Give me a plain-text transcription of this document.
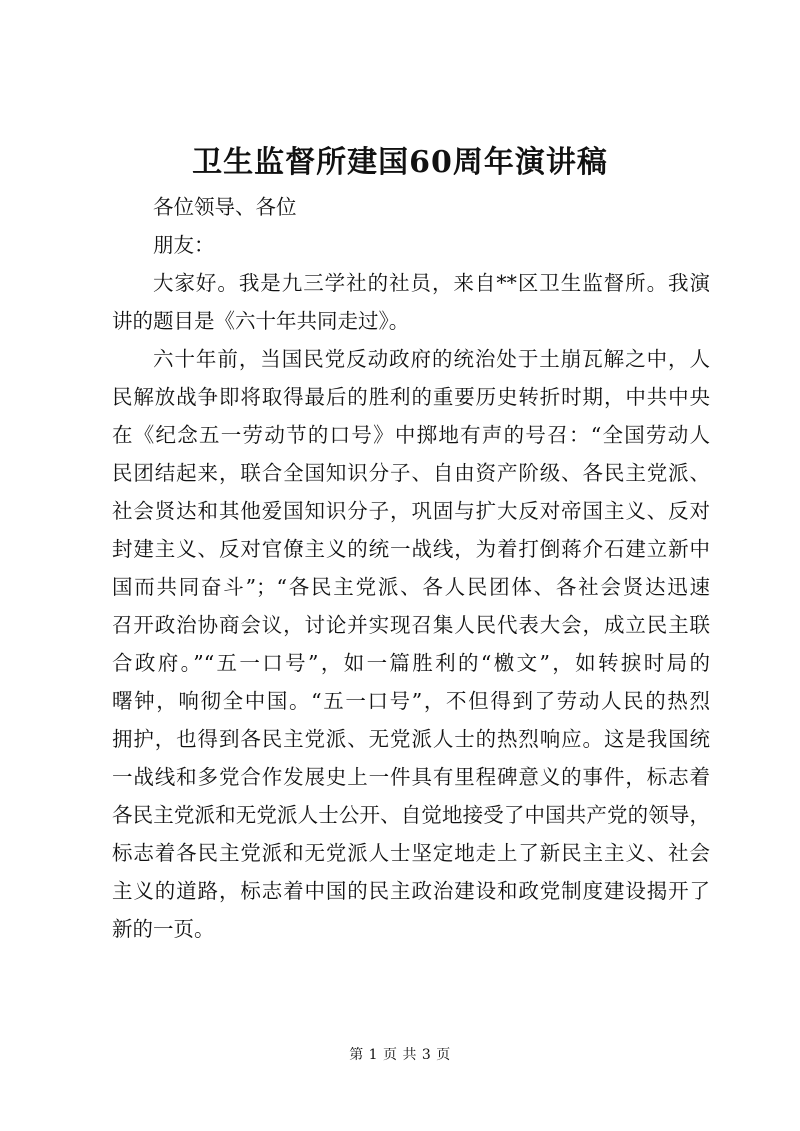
卫生监督所建国60周年演讲稿

各位领导、各位

朋友：

大家好。我是九三学社的社员，来自**区卫生监督所。我演
讲的题目是《六十年共同走过》。

六十年前，当国民党反动政府的统治处于土崩瓦解之中，人
民解放战争即将取得最后的胜利的重要历史转折时期，中共中央
在《纪念五一劳动节的口号》中掷地有声的号召：“全国劳动人
民团结起来，联合全国知识分子、自由资产阶级、各民主党派、
社会贤达和其他爱国知识分子，巩固与扩大反对帝国主义、反对
封建主义、反对官僚主义的统一战线，为着打倒蒋介石建立新中
国而共同奋斗”；“各民主党派、各人民团体、各社会贤达迅速
召开政治协商会议，讨论并实现召集人民代表大会，成立民主联
合政府。”“五一口号”，如一篇胜利的“檄文”，如转捩时局的
曙钟，响彻全中国。“五一口号”，不但得到了劳动人民的热烈
拥护，也得到各民主党派、无党派人士的热烈响应。这是我国统
一战线和多党合作发展史上一件具有里程碑意义的事件，标志着
各民主党派和无党派人士公开、自觉地接受了中国共产党的领导，
标志着各民主党派和无党派人士坚定地走上了新民主主义、社会
主义的道路，标志着中国的民主政治建设和政党制度建设揭开了
新的一页。

第 1 页 共 3 页
